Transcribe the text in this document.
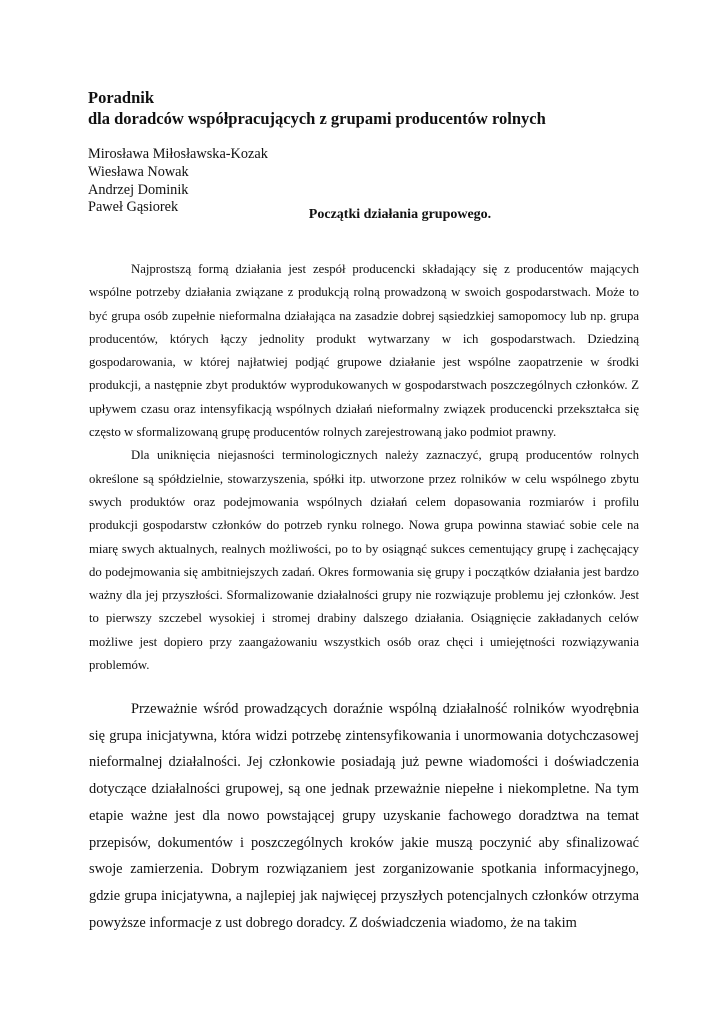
Poradnik
dla doradców współpracujących z grupami producentów rolnych
Mirosława Miłosławska-Kozak
Wiesława Nowak
Andrzej Dominik
Paweł Gąsiorek	Początki działania grupowego.

Najprostszą formą działania jest zespół producencki składający się z producentów mających wspólne potrzeby działania związane z produkcją rolną prowadzoną w swoich gospodarstwach. Może to być grupa osób zupełnie nieformalna działająca na zasadzie dobrej sąsiedzkiej samopomocy lub np. grupa producentów, których łączy jednolity produkt wytwarzany w ich gospodarstwach. Dziedziną gospodarowania, w której najłatwiej podjąć grupowe działanie jest wspólne zaopatrzenie w środki produkcji, a następnie zbyt produktów wyprodukowanych w gospodarstwach poszczególnych członków. Z upływem czasu oraz intensyfikacją wspólnych działań nieformalny związek producencki przekształca się często w sformalizowaną grupę producentów rolnych zarejestrowaną jako podmiot prawny.

Dla uniknięcia niejasności terminologicznych należy zaznaczyć, grupą producentów rolnych określone są spółdzielnie, stowarzyszenia, spółki itp. utworzone przez rolników w celu wspólnego zbytu swych produktów oraz podejmowania wspólnych działań celem dopasowania rozmiarów i profilu produkcji gospodarstw członków do potrzeb rynku rolnego. Nowa grupa powinna stawiać sobie cele na miarę swych aktualnych, realnych możliwości, po to by osiągnąć sukces cementujący grupę i zachęcający do podejmowania się ambitniejszych zadań. Okres formowania się grupy i początków działania jest bardzo ważny dla jej przyszłości. Sformalizowanie działalności grupy nie rozwiązuje problemu jej członków. Jest to pierwszy szczebel wysokiej i stromej drabiny dalszego działania. Osiągnięcie zakładanych celów możliwe jest dopiero przy zaangażowaniu wszystkich osób oraz chęci i umiejętności rozwiązywania problemów.

Przeważnie wśród prowadzących doraźnie wspólną działalność rolników wyodrębnia się grupa inicjatywna, która widzi potrzebę zintensyfikowania i unormowania dotychczasowej nieformalnej działalności. Jej członkowie posiadają już pewne wiadomości i doświadczenia dotyczące działalności grupowej, są one jednak przeważnie niepełne i niekompletne. Na tym etapie ważne jest dla nowo powstającej grupy uzyskanie fachowego doradztwa na temat przepisów, dokumentów i poszczególnych kroków jakie muszą poczynić aby sfinalizować swoje zamierzenia. Dobrym rozwiązaniem jest zorganizowanie spotkania informacyjnego, gdzie grupa inicjatywna, a najlepiej jak najwięcej przyszłych potencjalnych członków otrzyma powyższe informacje z ust dobrego doradcy. Z doświadczenia wiadomo, że na takim
